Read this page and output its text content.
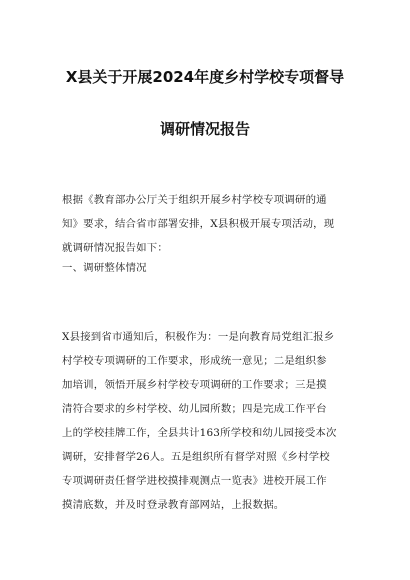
X县关于开展2024年度乡村学校专项督导
调研情况报告

根据《教育部办公厅关于组织开展乡村学校专项调研的通

知》要求，结合省市部署安排，X县积极开展专项活动，现

就调研情况报告如下：

一、调研整体情况

X县接到省市通知后，积极作为：一是向教育局党组汇报乡

村学校专项调研的工作要求，形成统一意见；二是组织参

加培训，领悟开展乡村学校专项调研的工作要求；三是摸

清符合要求的乡村学校、幼儿园所数；四是完成工作平台

上的学校挂牌工作，全县共计163所学校和幼儿园接受本次

调研，安排督学26人。五是组织所有督学对照《乡村学校

专项调研责任督学进校摸排观测点一览表》进校开展工作

摸清底数，并及时登录教育部网站，上报数据。
